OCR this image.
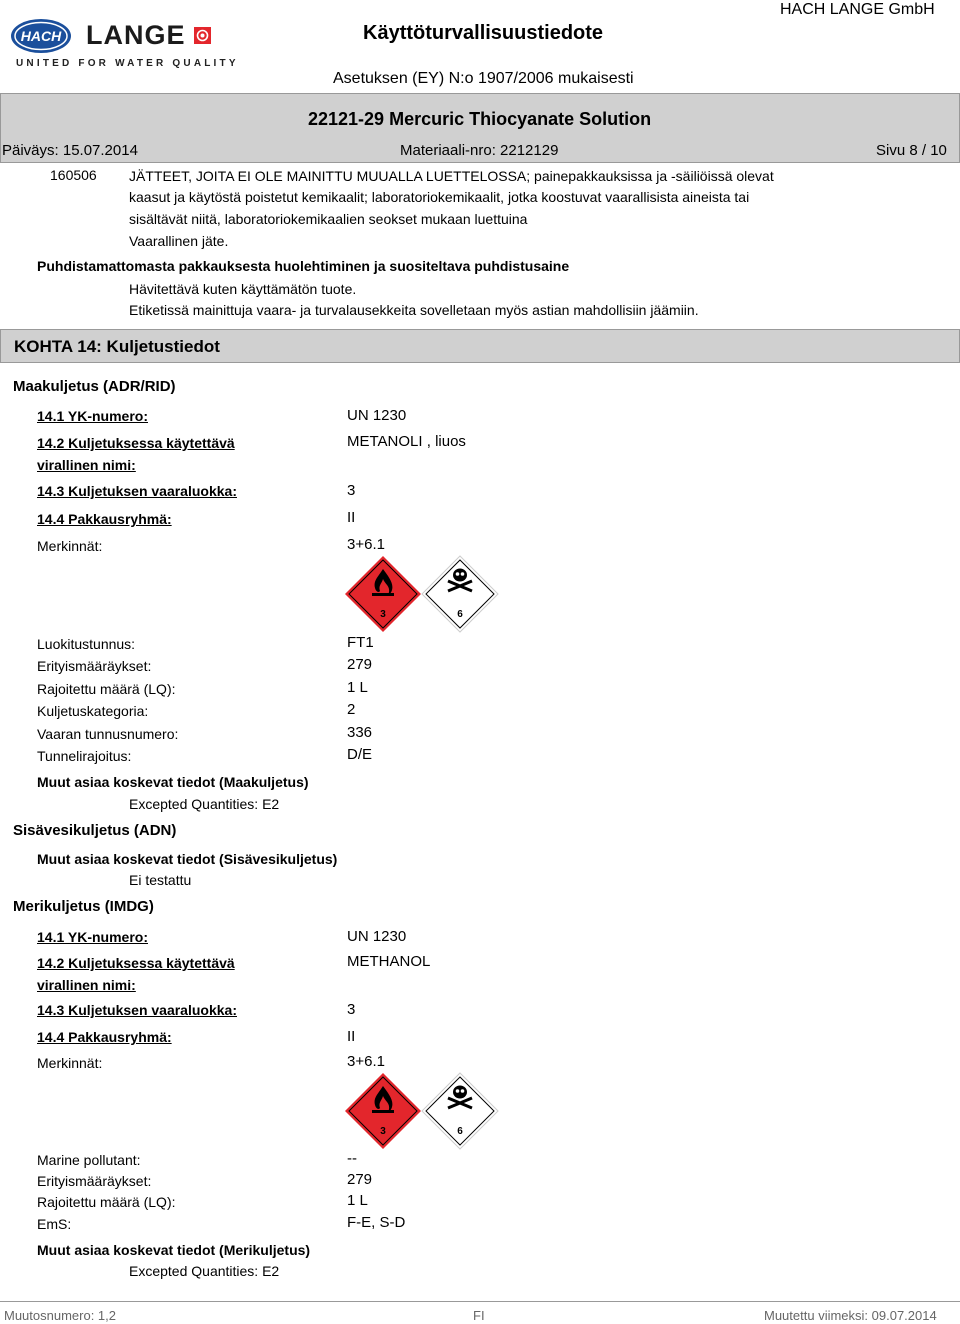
HACH LANGE
UNITED FOR WATER QUALITY
Käyttöturvallisuustiedote
HACH LANGE GmbH
Asetuksen (EY) N:o 1907/2006 mukaisesti
22121-29 Mercuric Thiocyanate Solution
Päiväys: 15.07.2014	Materiaali-nro: 2212129	Sivu 8 / 10
160506 JÄTTEET, JOITA EI OLE MAINITTU MUUALLA LUETTELOSSA; painepakkauksissa ja -säiliöissä olevat
kaasut ja käytöstä poistetut kemikaalit; laboratoriokemikaalit, jotka koostuvat vaarallisista aineista tai
sisältävät niitä, laboratoriokemikaalien seokset mukaan luettuina
Vaarallinen jäte.
Puhdistamattomasta pakkauksesta huolehtiminen ja suositeltava puhdistusaine
Hävitettävä kuten käyttämätön tuote.
Etiketissä mainittuja vaara- ja turvalausekkeita sovelletaan myös astian mahdollisiin jäämiin.
KOHTA 14: Kuljetustiedot
Maakuljetus (ADR/RID)
14.1 YK-numero:	UN 1230
14.2 Kuljetuksessa käytettävä
virallinen nimi:
METANOLI , liuos
14.3 Kuljetuksen vaaraluokka:	3
14.4 Pakkausryhmä:	II
Merkinnät:	3+6.1
3	6
Luokitustunnus:	FT1
Erityismääräykset:	279
Rajoitettu määrä (LQ):	1 L
Kuljetuskategoria:	2
Vaaran tunnusnumero:	336
Tunnelirajoitus:	D/E
Muut asiaa koskevat tiedot (Maakuljetus)
Excepted Quantities: E2
Sisävesikuljetus (ADN)
Muut asiaa koskevat tiedot (Sisävesikuljetus)
Ei testattu
Merikuljetus (IMDG)
14.1 YK-numero:	UN 1230
14.2 Kuljetuksessa käytettävä
virallinen nimi:
METHANOL
14.3 Kuljetuksen vaaraluokka:	3
14.4 Pakkausryhmä:	II
Merkinnät:	3+6.1
3	6
Marine pollutant:	--
Erityismääräykset:	279
Rajoitettu määrä (LQ):	1 L
EmS:	F-E, S-D
Muut asiaa koskevat tiedot (Merikuljetus)
Excepted Quantities: E2
Muutosnumero: 1,2	FI	Muutettu viimeksi: 09.07.2014
